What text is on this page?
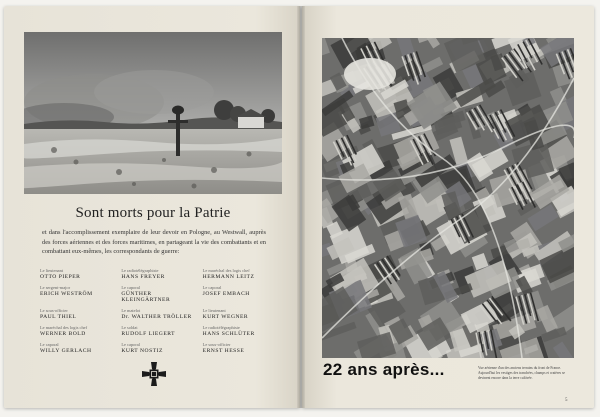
Sont morts pour la Patrie
et dans l'accomplissement exemplaire de leur devoir en Pologne, au Westwall, auprès des forces aériennes et des forces maritimes, en partageant la vie des combattants et en combattant eux-mêmes, les correspondants de guerre:
Le lieutenant
OTTO PIEPER
Le radiotélégraphiste
HANS FREYER
Le maréchal des logis chef
HERMANN LEITZ
Le sergent-major
ERICH WESTRÖM
Le caporal
GÜNTHER KLEINGÄRTNER
Le caporal
JOSEF EMBACH
Le sous-officier
PAUL THIEL
Le matelot
Dr. WALTHER TRÖLLER
Le lieutenant
KURT WEGNER
Le maréchal des logis chef
WERNER BOLD
Le soldat
RUDOLF LIEGERT
Le radiotélégraphiste
HANS SCHLÜTER
Le caporal
WILLY GERLACH
Le caporal
KURT NOSTIZ
Le sous-officier
ERNST HESSE
22 ans après...	Vue aérienne d'un des anciens terrains du front de France. Aujourd'hui les vestiges des tranchées, champs et cratères se devinent encore dans la terre cultivée.
5
